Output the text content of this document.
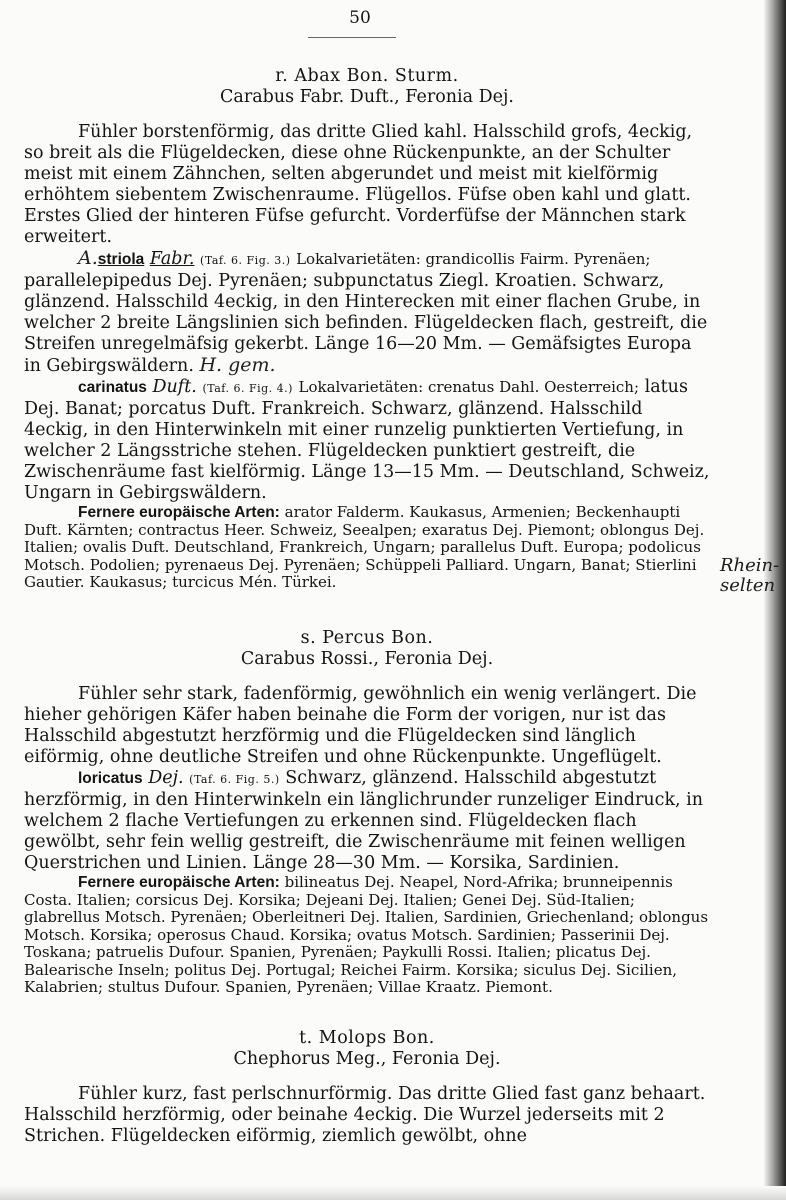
50

r. Abax Bon. Sturm.

Carabus Fabr. Duft., Feronia Dej.

Fühler borstenförmig, das dritte Glied kahl. Halsschild grofs, 4eckig, so breit als die Flügeldecken, diese ohne Rückenpunkte, an der Schulter meist mit einem Zähnchen, selten abgerundet und meist mit kielförmig erhöhtem siebentem Zwischenraume. Flügellos. Füfse oben kahl und glatt. Erstes Glied der hinteren Füfse gefurcht. Vorderfüfse der Männchen stark erweitert.

A.striola Fabr. (Taf. 6. Fig. 3.) Lokalvarietäten: grandicollis Fairm. Pyrenäen; parallelepipedus Dej. Pyrenäen; subpunctatus Ziegl. Kroatien. Schwarz, glänzend. Halsschild 4eckig, in den Hinterecken mit einer flachen Grube, in welcher 2 breite Längslinien sich befinden. Flügeldecken flach, gestreift, die Streifen unregelmäfsig gekerbt. Länge 16—20 Mm. — Gemäfsigtes Europa in Gebirgswäldern. H. gem.

carinatus Duft. (Taf. 6. Fig. 4.) Lokalvarietäten: crenatus Dahl. Oesterreich; latus Dej. Banat; porcatus Duft. Frankreich. Schwarz, glänzend. Halsschild 4eckig, in den Hinterwinkeln mit einer runzelig punktierten Vertiefung, in welcher 2 Längsstriche stehen. Flügeldecken punktiert gestreift, die Zwischenräume fast kielförmig. Länge 13—15 Mm. — Deutschland, Schweiz, Ungarn in Gebirgswäldern.

Fernere europäische Arten: arator Falderm. Kaukasus, Armenien; Beckenhaupti Duft. Kärnten; contractus Heer. Schweiz, Seealpen; exaratus Dej. Piemont; oblongus Dej. Italien; ovalis Duft. Deutschland, Frankreich, Ungarn; parallelus Duft. Europa; podolicus Motsch. Podolien; pyrenaeus Dej. Pyrenäen; Schüppeli Palliard. Ungarn, Banat; Stierlini Gautier. Kaukasus; turcicus Mén. Türkei.

Rhein-selten

s. Percus Bon.

Carabus Rossi., Feronia Dej.

Fühler sehr stark, fadenförmig, gewöhnlich ein wenig verlängert. Die hieher gehörigen Käfer haben beinahe die Form der vorigen, nur ist das Halsschild abgestutzt herzförmig und die Flügeldecken sind länglich eiförmig, ohne deutliche Streifen und ohne Rückenpunkte. Ungeflügelt.

loricatus Dej. (Taf. 6. Fig. 5.) Schwarz, glänzend. Halsschild abgestutzt herzförmig, in den Hinterwinkeln ein länglichrunder runzeliger Eindruck, in welchem 2 flache Vertiefungen zu erkennen sind. Flügeldecken flach gewölbt, sehr fein wellig gestreift, die Zwischenräume mit feinen welligen Querstrichen und Linien. Länge 28—30 Mm. — Korsika, Sardinien.

Fernere europäische Arten: bilineatus Dej. Neapel, Nord-Afrika; brunneipennis Costa. Italien; corsicus Dej. Korsika; Dejeani Dej. Italien; Genei Dej. Süd-Italien; glabrellus Motsch. Pyrenäen; Oberleitneri Dej. Italien, Sardinien, Griechenland; oblongus Motsch. Korsika; operosus Chaud. Korsika; ovatus Motsch. Sardinien; Passerinii Dej. Toskana; patruelis Dufour. Spanien, Pyrenäen; Paykulli Rossi. Italien; plicatus Dej. Balearische Inseln; politus Dej. Portugal; Reichei Fairm. Korsika; siculus Dej. Sicilien, Kalabrien; stultus Dufour. Spanien, Pyrenäen; Villae Kraatz. Piemont.

t. Molops Bon.

Chephorus Meg., Feronia Dej.

Fühler kurz, fast perlschnurförmig. Das dritte Glied fast ganz behaart. Halsschild herzförmig, oder beinahe 4eckig. Die Wurzel jederseits mit 2 Strichen. Flügeldecken eiförmig, ziemlich gewölbt, ohne
